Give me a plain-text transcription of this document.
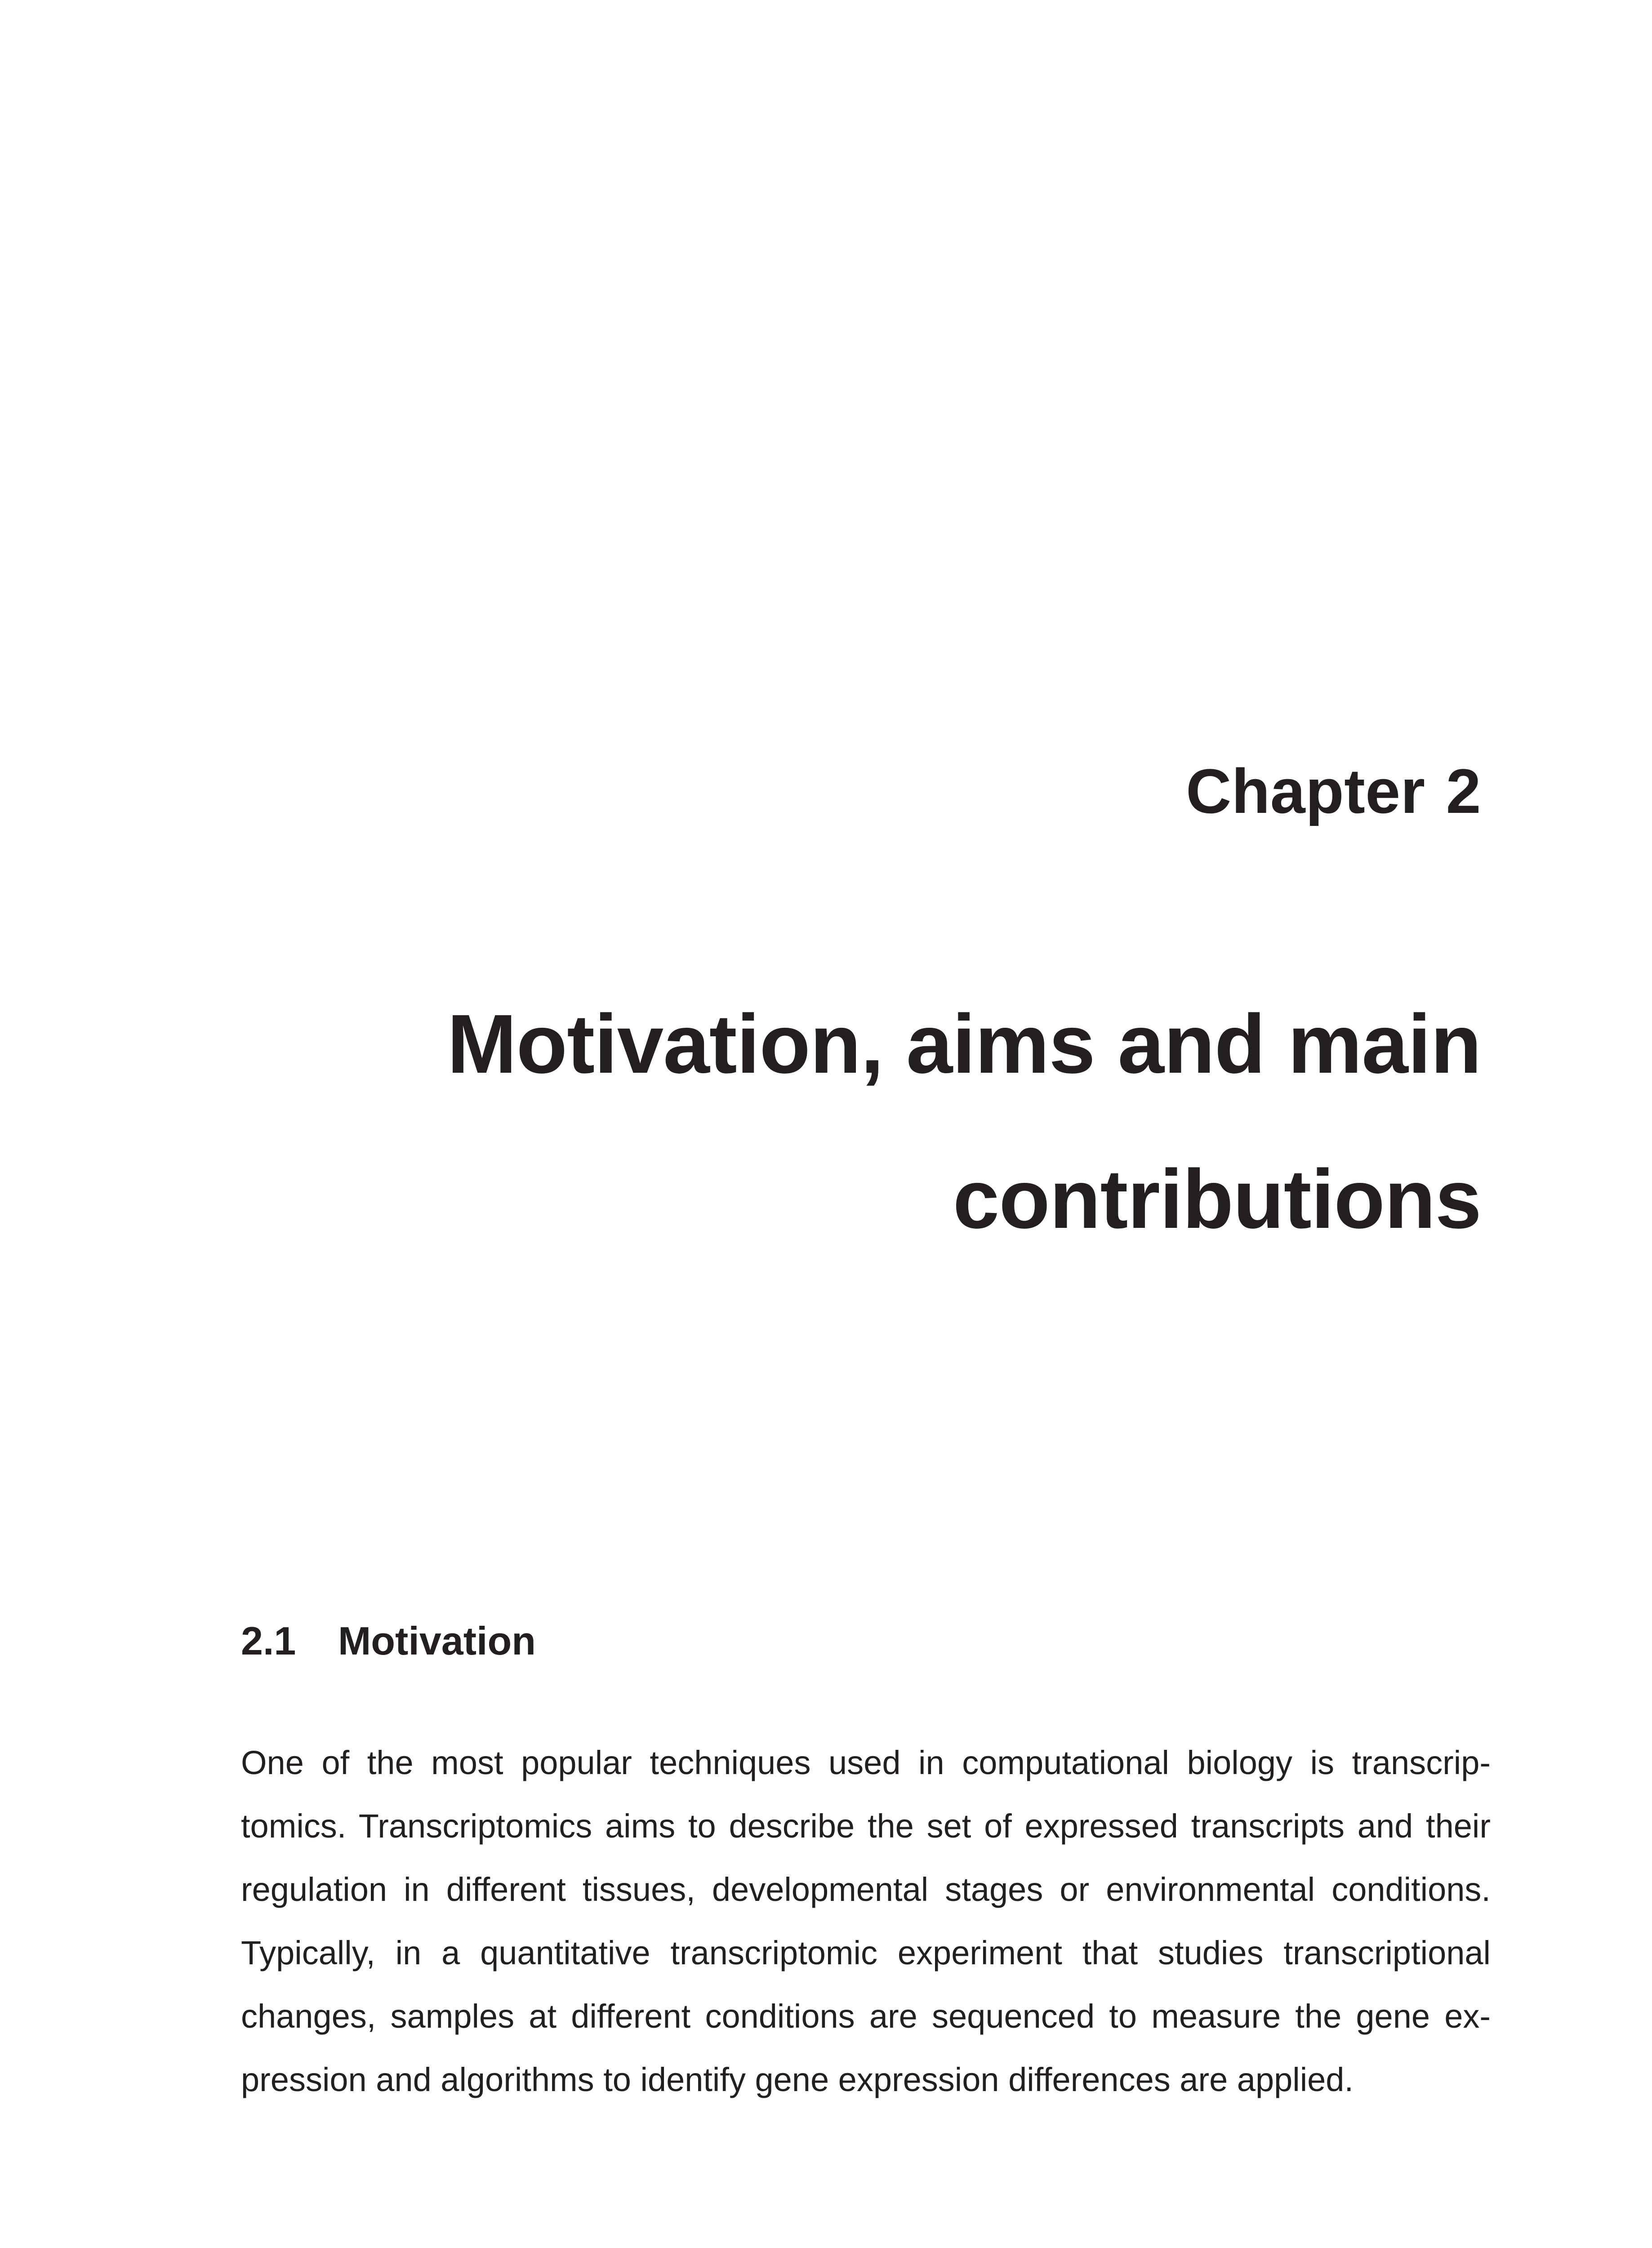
Chapter 2
Motivation, aims and main
contributions
2.1 Motivation
One of the most popular techniques used in computational biology is transcrip-
tomics. Transcriptomics aims to describe the set of expressed transcripts and their
regulation in different tissues, developmental stages or environmental conditions.
Typically, in a quantitative transcriptomic experiment that studies transcriptional
changes, samples at different conditions are sequenced to measure the gene ex-
pression and algorithms to identify gene expression differences are applied.
